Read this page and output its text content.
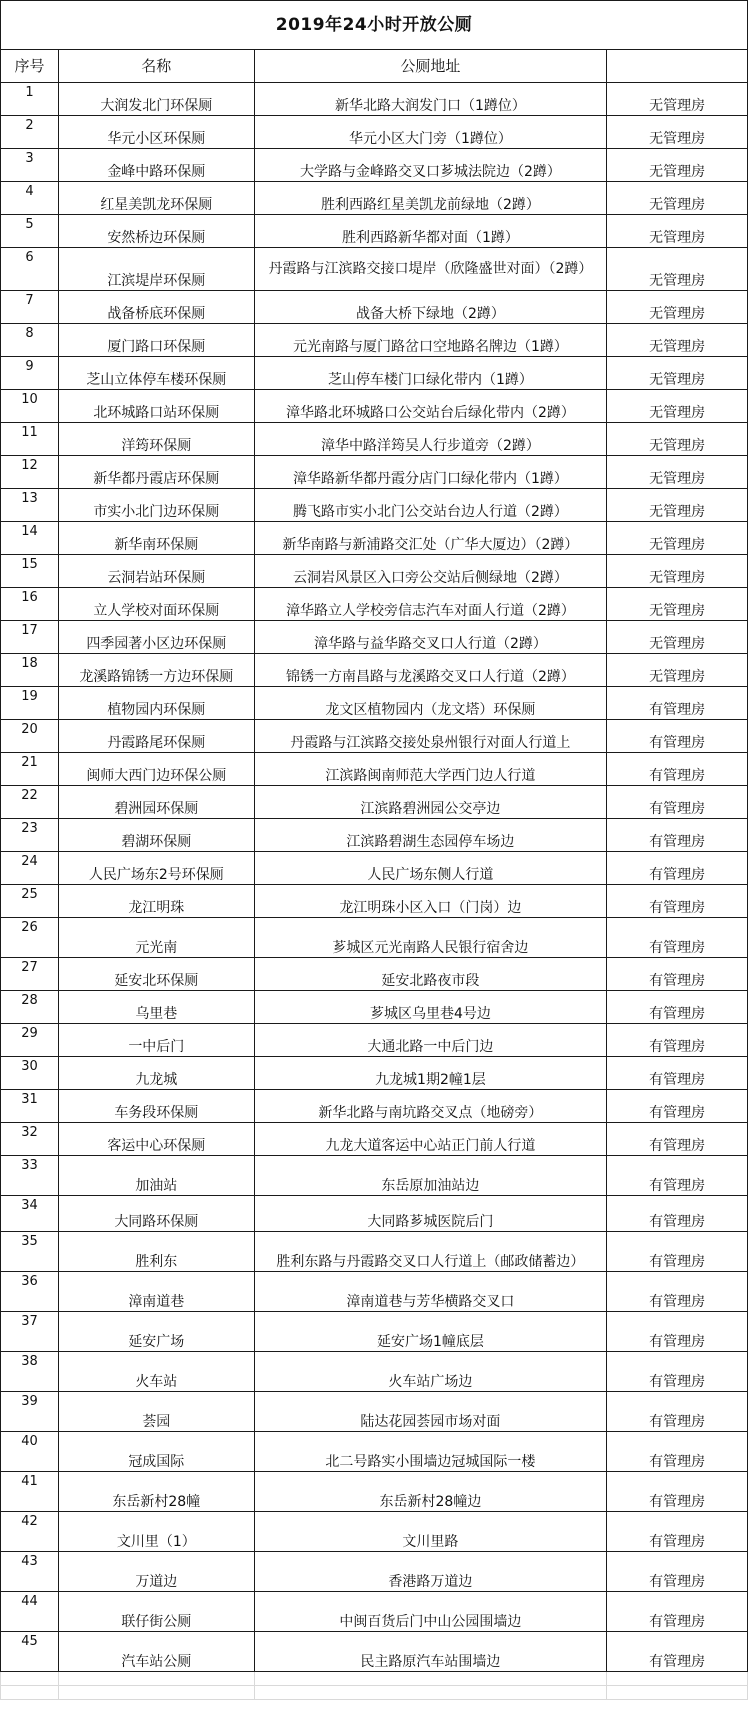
2019年24小时开放公厕			
序号	名称	公厕地址	
1	大润发北门环保厕	新华北路大润发门口（1蹲位）	无管理房
2	华元小区环保厕	华元小区大门旁（1蹲位）	无管理房
3	金峰中路环保厕	大学路与金峰路交叉口芗城法院边（2蹲）	无管理房
4	红星美凯龙环保厕	胜利西路红星美凯龙前绿地（2蹲）	无管理房
5	安然桥边环保厕	胜利西路新华都对面（1蹲）	无管理房
6	江滨堤岸环保厕	丹霞路与江滨路交接口堤岸（欣隆盛世对面）（2蹲）	无管理房
7	战备桥底环保厕	战备大桥下绿地（2蹲）	无管理房
8	厦门路口环保厕	元光南路与厦门路岔口空地路名牌边（1蹲）	无管理房
9	芝山立体停车楼环保厕	芝山停车楼门口绿化带内（1蹲）	无管理房
10	北环城路口站环保厕	漳华路北环城路口公交站台后绿化带内（2蹲）	无管理房
11	洋筠环保厕	漳华中路洋筠吴人行步道旁（2蹲）	无管理房
12	新华都丹霞店环保厕	漳华路新华都丹霞分店门口绿化带内（1蹲）	无管理房
13	市实小北门边环保厕	腾飞路市实小北门公交站台边人行道（2蹲）	无管理房
14	新华南环保厕	新华南路与新浦路交汇处（广华大厦边）（2蹲）	无管理房
15	云洞岩站环保厕	云洞岩风景区入口旁公交站后侧绿地（2蹲）	无管理房
16	立人学校对面环保厕	漳华路立人学校旁信志汽车对面人行道（2蹲）	无管理房
17	四季园著小区边环保厕	漳华路与益华路交叉口人行道（2蹲）	无管理房
18	龙溪路锦锈一方边环保厕	锦锈一方南昌路与龙溪路交叉口人行道（2蹲）	无管理房
19	植物园内环保厕	龙文区植物园内（龙文塔）环保厕	有管理房
20	丹霞路尾环保厕	丹霞路与江滨路交接处泉州银行对面人行道上	有管理房
21	闽师大西门边环保公厕	江滨路闽南师范大学西门边人行道	有管理房
22	碧洲园环保厕	江滨路碧洲园公交亭边	有管理房
23	碧湖环保厕	江滨路碧湖生态园停车场边	有管理房
24	人民广场东2号环保厕	人民广场东侧人行道	有管理房
25	龙江明珠	龙江明珠小区入口（门岗）边	有管理房
26	元光南	芗城区元光南路人民银行宿舍边	有管理房
27	延安北环保厕	延安北路夜市段	有管理房
28	乌里巷	芗城区乌里巷4号边	有管理房
29	一中后门	大通北路一中后门边	有管理房
30	九龙城	九龙城1期2幢1层	有管理房
31	车务段环保厕	新华北路与南坑路交叉点（地磅旁）	有管理房
32	客运中心环保厕	九龙大道客运中心站正门前人行道	有管理房
33	加油站	东岳原加油站边	有管理房
34	大同路环保厕	大同路芗城医院后门	有管理房
35	胜利东	胜利东路与丹霞路交叉口人行道上（邮政储蓄边）	有管理房
36	漳南道巷	漳南道巷与芳华横路交叉口	有管理房
37	延安广场	延安广场1幢底层	有管理房
38	火车站	火车站广场边	有管理房
39	荟园	陆达花园荟园市场对面	有管理房
40	冠成国际	北二号路实小围墙边冠城国际一楼	有管理房
41	东岳新村28幢	东岳新村28幢边	有管理房
42	文川里（1）	文川里路	有管理房
43	万道边	香港路万道边	有管理房
44	联仔街公厕	中闽百货后门中山公园围墙边	有管理房
45	汽车站公厕	民主路原汽车站围墙边	有管理房
